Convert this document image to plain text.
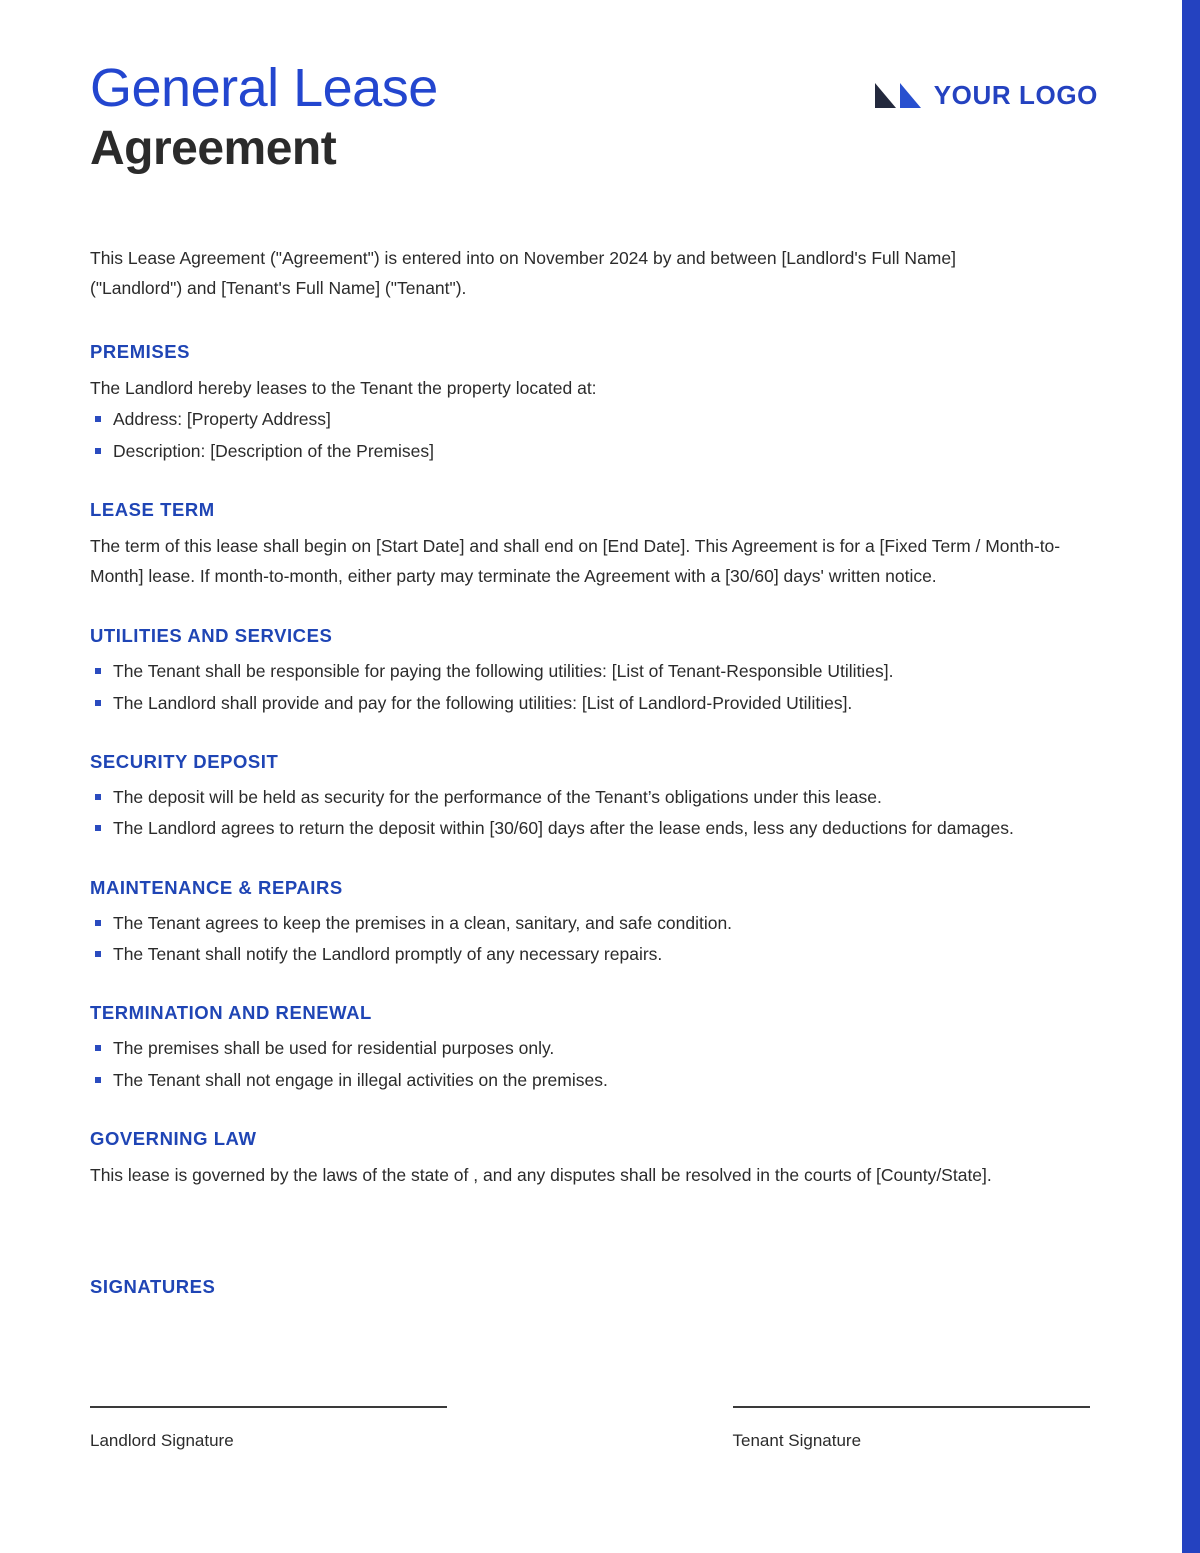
General Lease
Agreement
YOUR LOGO

This Lease Agreement ("Agreement") is entered into on November 2024 by and between [Landlord's Full Name] ("Landlord") and [Tenant's Full Name] ("Tenant").

PREMISES

The Landlord hereby leases to the Tenant the property located at:

Address: [Property Address]
Description: [Description of the Premises]
LEASE TERM

The term of this lease shall begin on [Start Date] and shall end on [End Date]. This Agreement is for a [Fixed Term / Month-to-Month] lease. If month-to-month, either party may terminate the Agreement with a [30/60] days' written notice.

UTILITIES AND SERVICES
The Tenant shall be responsible for paying the following utilities: [List of Tenant-Responsible Utilities].
The Landlord shall provide and pay for the following utilities: [List of Landlord-Provided Utilities].
SECURITY DEPOSIT
The deposit will be held as security for the performance of the Tenant’s obligations under this lease.
The Landlord agrees to return the deposit within [30/60] days after the lease ends, less any deductions for damages.
MAINTENANCE & REPAIRS
The Tenant agrees to keep the premises in a clean, sanitary, and safe condition.
The Tenant shall notify the Landlord promptly of any necessary repairs.
TERMINATION AND RENEWAL
The premises shall be used for residential purposes only.
The Tenant shall not engage in illegal activities on the premises.
GOVERNING LAW

This lease is governed by the laws of the state of , and any disputes shall be resolved in the courts of [County/State].

SIGNATURES
Landlord Signature	Tenant Signature
